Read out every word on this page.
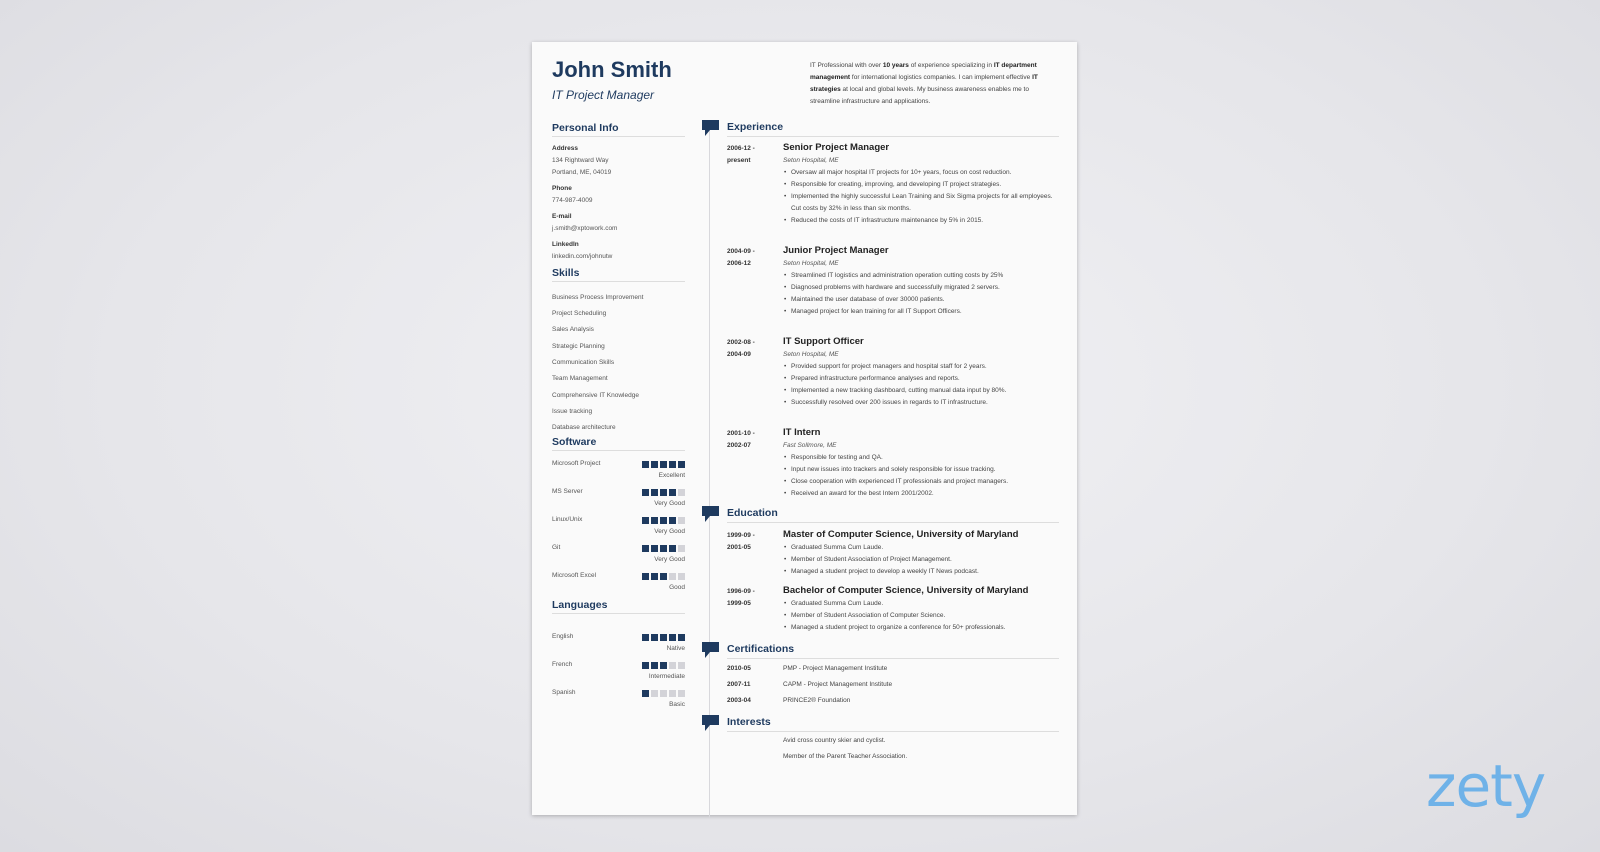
John Smith
IT Project Manager
IT Professional with over 10 years of experience specializing in IT department management for international logistics companies. I can implement effective IT strategies at local and global levels. My business awareness enables me to streamline infrastructure and applications.
Personal Info
Address
134 Rightward Way
Portland, ME, 04019
Phone
774-987-4009
E-mail
j.smith@xptowork.com
LinkedIn
linkedin.com/johnutw
Skills
Business Process Improvement
Project Scheduling
Sales Analysis
Strategic Planning
Communication Skills
Team Management
Comprehensive IT Knowledge
Issue tracking
Database architecture
Software
Microsoft Project
Excellent
MS Server
Very Good
Linux/Unix
Very Good
Git
Very Good
Microsoft Excel
Good
Languages
English
Native
French
Intermediate
Spanish
Basic
Experience
2006-12 -
present
Senior Project Manager
Seton Hospital, ME
• Oversaw all major hospital IT projects for 10+ years, focus on cost reduction.
• Responsible for creating, improving, and developing IT project strategies.
• Implemented the highly successful Lean Training and Six Sigma projects for all employees. Cut costs by 32% in less than six months.
• Reduced the costs of IT infrastructure maintenance by 5% in 2015.
2004-09 -
2006-12
Junior Project Manager
Seton Hospital, ME
• Streamlined IT logistics and administration operation cutting costs by 25%
• Diagnosed problems with hardware and successfully migrated 2 servers.
• Maintained the user database of over 30000 patients.
• Managed project for lean training for all IT Support Officers.
2002-08 -
2004-09
IT Support Officer
Seton Hospital, ME
• Provided support for project managers and hospital staff for 2 years.
• Prepared infrastructure performance analyses and reports.
• Implemented a new tracking dashboard, cutting manual data input by 80%.
• Successfully resolved over 200 issues in regards to IT infrastructure.
2001-10 -
2002-07
IT Intern
Fast Sollmore, ME
• Responsible for testing and QA.
• Input new issues into trackers and solely responsible for issue tracking.
• Close cooperation with experienced IT professionals and project managers.
• Received an award for the best Intern 2001/2002.
Education
1999-09 -
2001-05
Master of Computer Science, University of Maryland
• Graduated Summa Cum Laude.
• Member of Student Association of Project Management.
• Managed a student project to develop a weekly IT News podcast.
1996-09 -
1999-05
Bachelor of Computer Science, University of Maryland
• Graduated Summa Cum Laude.
• Member of Student Association of Computer Science.
• Managed a student project to organize a conference for 50+ professionals.
Certifications
2010-05	PMP - Project Management Institute
2007-11	CAPM - Project Management Institute
2003-04	PRINCE2® Foundation
Interests
Avid cross country skier and cyclist.
Member of the Parent Teacher Association.	zety
